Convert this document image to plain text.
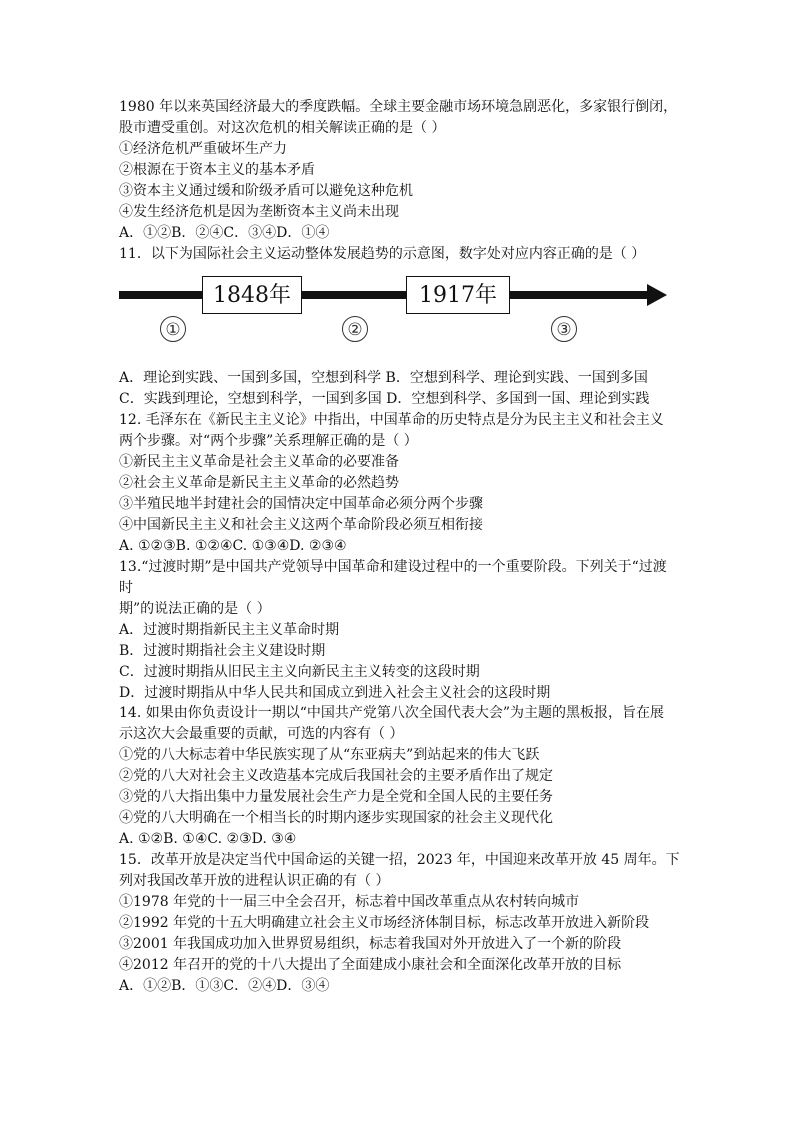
1980 年以来英国经济最大的季度跌幅。全球主要金融市场环境急剧恶化，多家银行倒闭，
股市遭受重创。对这次危机的相关解读正确的是（ ）
①经济危机严重破坏生产力
②根源在于资本主义的基本矛盾
③资本主义通过缓和阶级矛盾可以避免这种危机
④发生经济危机是因为垄断资本主义尚未出现
A．①②B．②④C．③④D．①④
11．以下为国际社会主义运动整体发展趋势的示意图，数字处对应内容正确的是（ ）
A．理论到实践、一国到多国，空想到科学 B．空想到科学、理论到实践、一国到多国
C．实践到理论，空想到科学，一国到多国 D．空想到科学、多国到一国、理论到实践
12. 毛泽东在《新民主主义论》中指出，中国革命的历史特点是分为民主主义和社会主义
两个步骤。对“两个步骤”关系理解正确的是（ ）
①新民主主义革命是社会主义革命的必要准备
②社会主义革命是新民主主义革命的必然趋势
③半殖民地半封建社会的国情决定中国革命必须分两个步骤
④中国新民主主义和社会主义这两个革命阶段必须互相衔接
A. ①②③B. ①②④C. ①③④D. ②③④
13.“过渡时期”是中国共产党领导中国革命和建设过程中的一个重要阶段。下列关于“过渡
时
期”的说法正确的是（ ）
A．过渡时期指新民主主义革命时期
B．过渡时期指社会主义建设时期
C．过渡时期指从旧民主主义向新民主主义转变的这段时期
D．过渡时期指从中华人民共和国成立到进入社会主义社会的这段时期
14. 如果由你负责设计一期以“中国共产党第八次全国代表大会”为主题的黑板报，旨在展
示这次大会最重要的贡献，可选的内容有（ ）
①党的八大标志着中华民族实现了从“东亚病夫”到站起来的伟大飞跃
②党的八大对社会主义改造基本完成后我国社会的主要矛盾作出了规定
③党的八大指出集中力量发展社会生产力是全党和全国人民的主要任务
④党的八大明确在一个相当长的时期内逐步实现国家的社会主义现代化
A. ①②B. ①④C. ②③D. ③④
15．改革开放是决定当代中国命运的关键一招，2023 年，中国迎来改革开放 45 周年。下
列对我国改革开放的进程认识正确的有（ ）
①1978 年党的十一届三中全会召开，标志着中国改革重点从农村转向城市
②1992 年党的十五大明确建立社会主义市场经济体制目标，标志改革开放进入新阶段
③2001 年我国成功加入世界贸易组织，标志着我国对外开放进入了一个新的阶段
④2012 年召开的党的十八大提出了全面建成小康社会和全面深化改革开放的目标
A．①②B．①③C．②④D．③④
1848年	1917年
①	②	③
